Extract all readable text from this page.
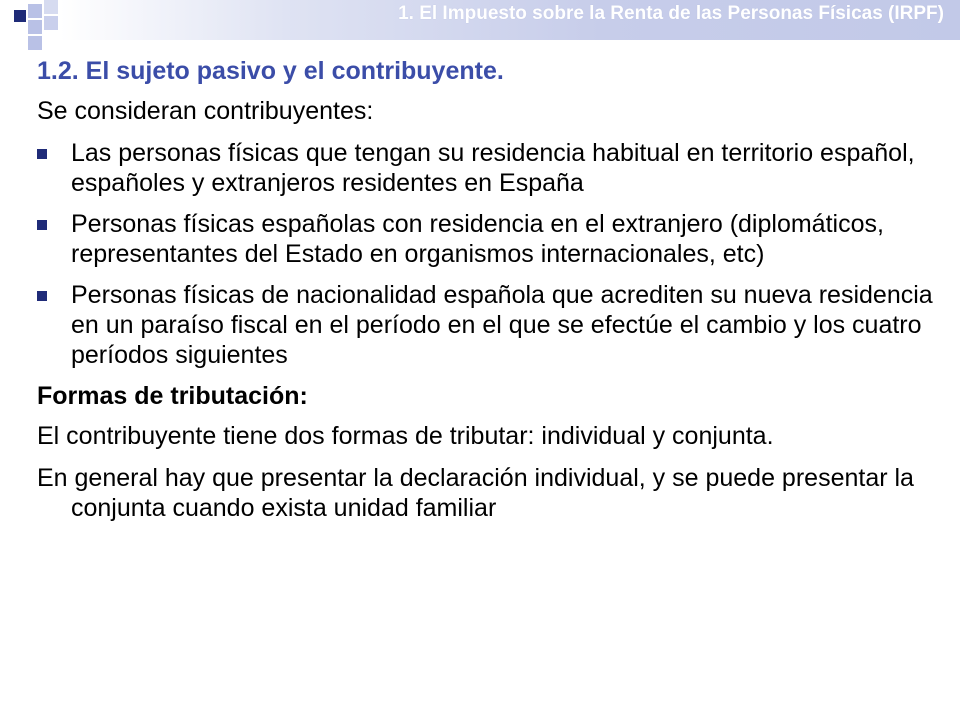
1. El Impuesto sobre la Renta de las Personas Físicas (IRPF)
1.2. El sujeto pasivo y el contribuyente.

Se consideran contribuyentes:

Las personas físicas que tengan su residencia habitual en territorio español, españoles y extranjeros residentes en España

Personas físicas españolas con residencia en el extranjero (diplomáticos, representantes del Estado en organismos internacionales, etc)

Personas físicas de nacionalidad española que acrediten su nueva residencia en un paraíso fiscal en el período en el que se efectúe el cambio y los cuatro períodos siguientes

Formas de tributación:

El contribuyente tiene dos formas de tributar: individual y conjunta.

En general hay que presentar la declaración individual, y se puede presentar la conjunta cuando exista unidad familiar
